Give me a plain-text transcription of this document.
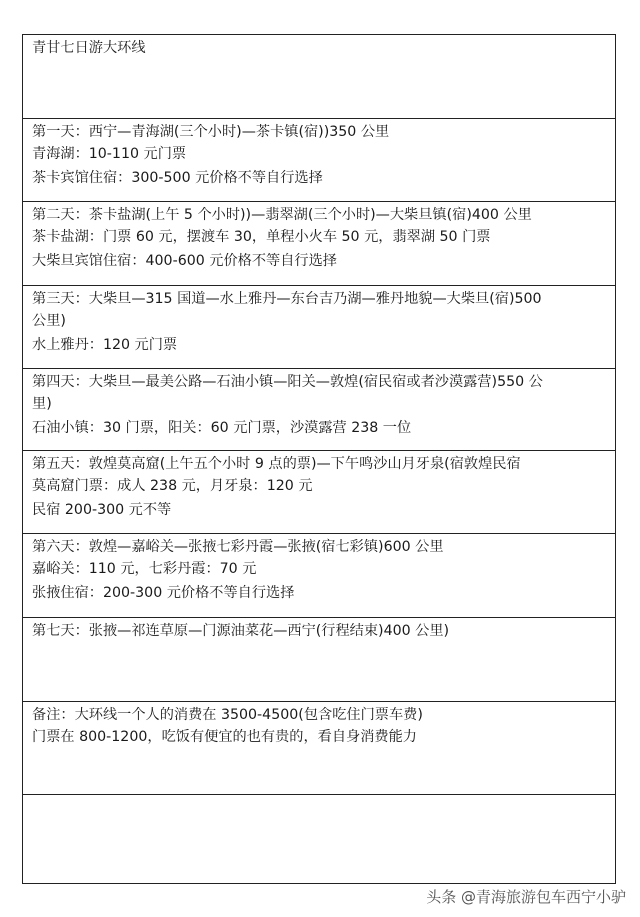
青甘七日游大环线
第一天：西宁—青海湖(三个小时)—茶卡镇(宿))350 公里
青海湖：10-110 元门票
茶卡宾馆住宿：300-500 元价格不等自行选择
第二天：茶卡盐湖(上午 5 个小时))—翡翠湖(三个小时)—大柴旦镇(宿)400 公里
茶卡盐湖：门票 60 元，摆渡车 30，单程小火车 50 元，翡翠湖 50 门票
大柴旦宾馆住宿：400-600 元价格不等自行选择
第三天：大柴旦—315 国道—水上雅丹—东台吉乃湖—雅丹地貌—大柴旦(宿)500
公里)
水上雅丹：120 元门票
第四天：大柴旦—最美公路—石油小镇—阳关—敦煌(宿民宿或者沙漠露营)550 公
里)
石油小镇：30 门票，阳关：60 元门票，沙漠露营 238 一位
第五天：敦煌莫高窟(上午五个小时 9 点的票)—下午鸣沙山月牙泉(宿敦煌民宿
莫高窟门票：成人 238 元，月牙泉：120 元
民宿 200-300 元不等
第六天：敦煌—嘉峪关—张掖七彩丹霞—张掖(宿七彩镇)600 公里
嘉峪关：110 元，七彩丹霞：70 元
张掖住宿：200-300 元价格不等自行选择
第七天：张掖—祁连草原—门源油菜花—西宁(行程结束)400 公里)
备注：大环线一个人的消费在 3500-4500(包含吃住门票车费)
门票在 800-1200，吃饭有便宜的也有贵的，看自身消费能力
头条 @青海旅游包车西宁小驴
